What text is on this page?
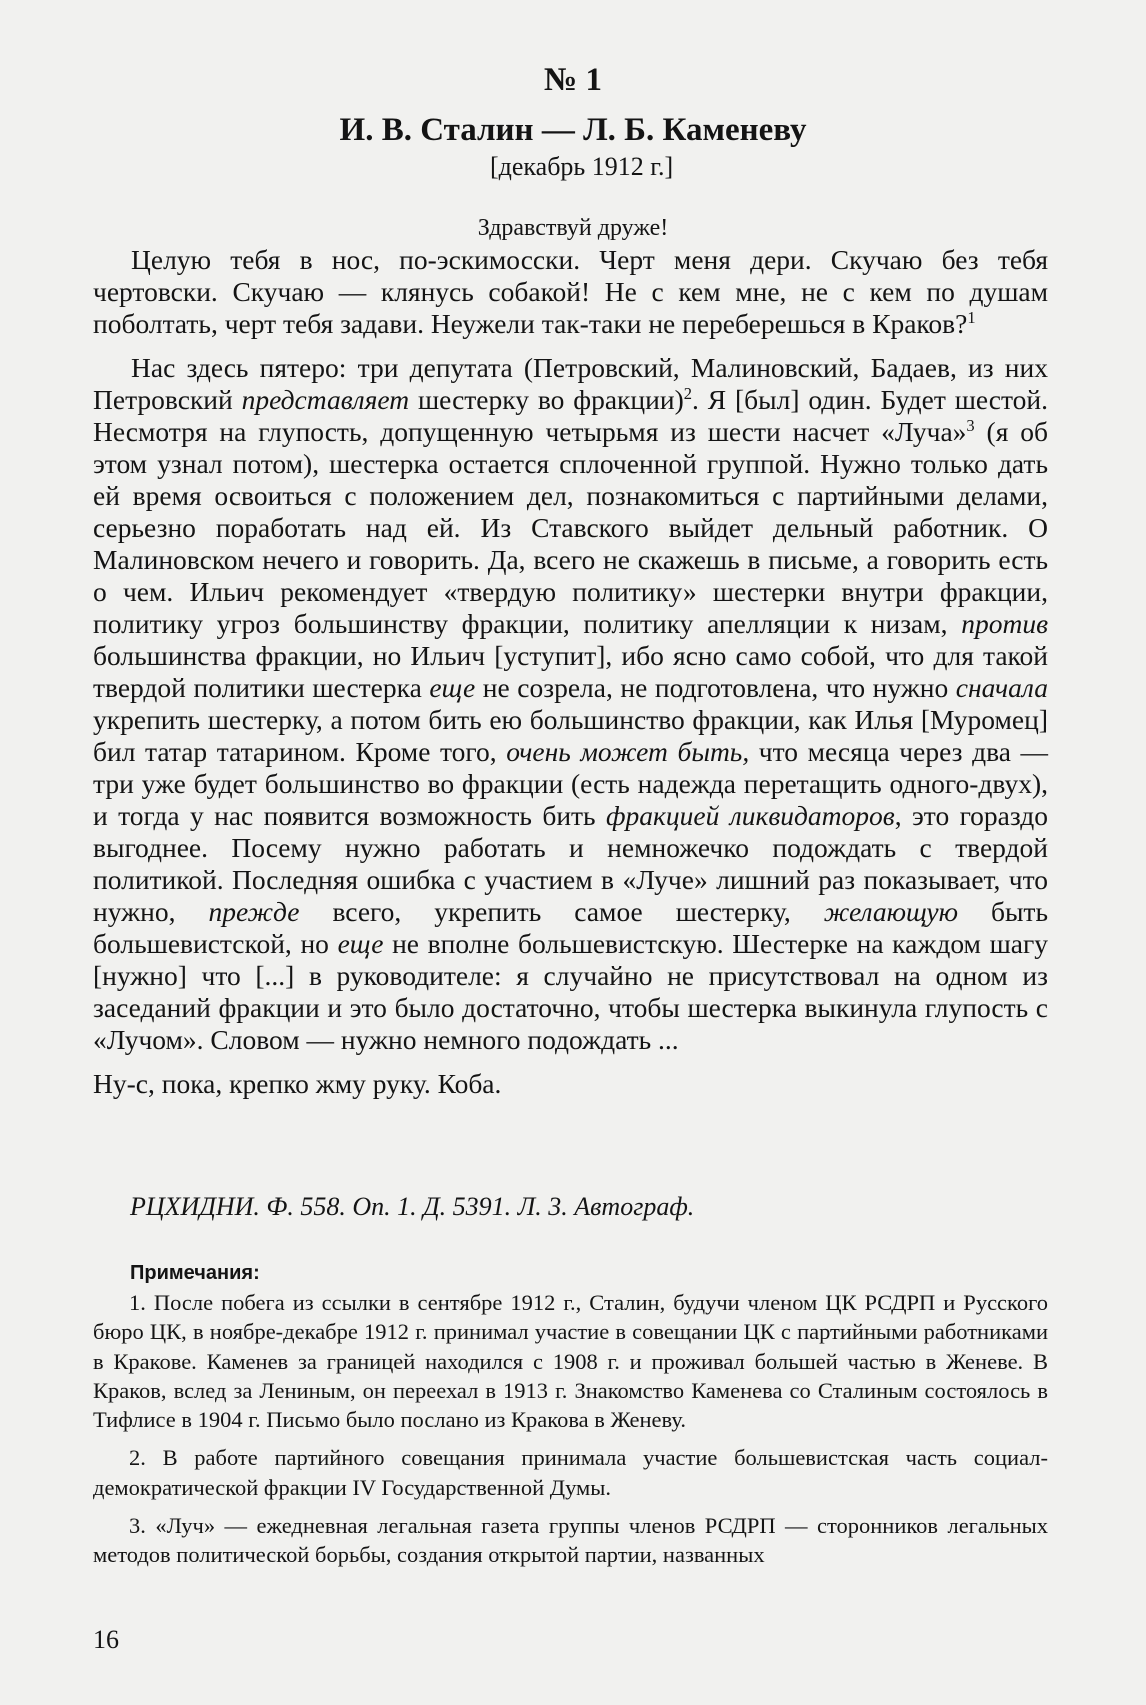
№ 1
И. В. Сталин — Л. Б. Каменеву
[декабрь 1912 г.]
Здравствуй друже!

Целую тебя в нос, по-эскимосски. Черт меня дери. Скучаю без тебя чертовски. Скучаю — клянусь собакой! Не с кем мне, не с кем по душам поболтать, черт тебя задави. Неужели так-таки не переберешься в Краков?$^1$

Нас здесь пятеро: три депутата (Петровский, Малиновский, Бадаев, из них Петровский представляет шестерку во фракции)$^2$. Я [был] один. Будет шестой. Несмотря на глупость, допущенную четырьмя из шести насчет «Луча»$^3$ (я об этом узнал потом), шестерка остается сплоченной группой. Нужно только дать ей время освоиться с положением дел, познакомиться с партийными делами, серьезно поработать над ей. Из Ставского выйдет дельный работник. О Малиновском нечего и говорить. Да, всего не скажешь в письме, а говорить есть о чем. Ильич рекомендует «твердую политику» шестерки внутри фракции, политику угроз большинству фракции, политику апелляции к низам, против большинства фракции, но Ильич [уступит], ибо ясно само собой, что для такой твердой политики шестерка еще не созрела, не подготовлена, что нужно сначала укрепить шестерку, а потом бить ею большинство фракции, как Илья [Муромец] бил татар татарином. Кроме того, очень может быть, что месяца через два — три уже будет большинство во фракции (есть надежда перетащить одного-двух), и тогда у нас появится возможность бить фракцией ликвидаторов, это гораздо выгоднее. Посему нужно работать и немножечко подождать с твердой политикой. Последняя ошибка с участием в «Луче» лишний раз показывает, что нужно, прежде всего, укрепить самое шестерку, желающую быть большевистской, но еще не вполне большевистскую. Шестерке на каждом шагу [нужно] что [...] в руководителе: я случайно не присутствовал на одном из заседаний фракции и это было достаточно, чтобы шестерка выкинула глупость с «Лучом». Словом — нужно немного подождать ...

Ну-с, пока, крепко жму руку. Коба.

РЦХИДНИ. Ф. 558. Оп. 1. Д. 5391. Л. 3. Автограф.
Примечания:

1. После побега из ссылки в сентябре 1912 г., Сталин, будучи членом ЦК РСДРП и Русского бюро ЦК, в ноябре-декабре 1912 г. принимал участие в совещании ЦК с партийными работниками в Кракове. Каменев за границей находился с 1908 г. и проживал большей частью в Женеве. В Краков, вслед за Лениным, он переехал в 1913 г. Знакомство Каменева со Сталиным состоялось в Тифлисе в 1904 г. Письмо было послано из Кракова в Женеву.

2. В работе партийного совещания принимала участие большевистская часть социал-демократической фракции IV Государственной Думы.

3. «Луч» — ежедневная легальная газета группы членов РСДРП — сторонников легальных методов политической борьбы, создания открытой партии, названных

16
